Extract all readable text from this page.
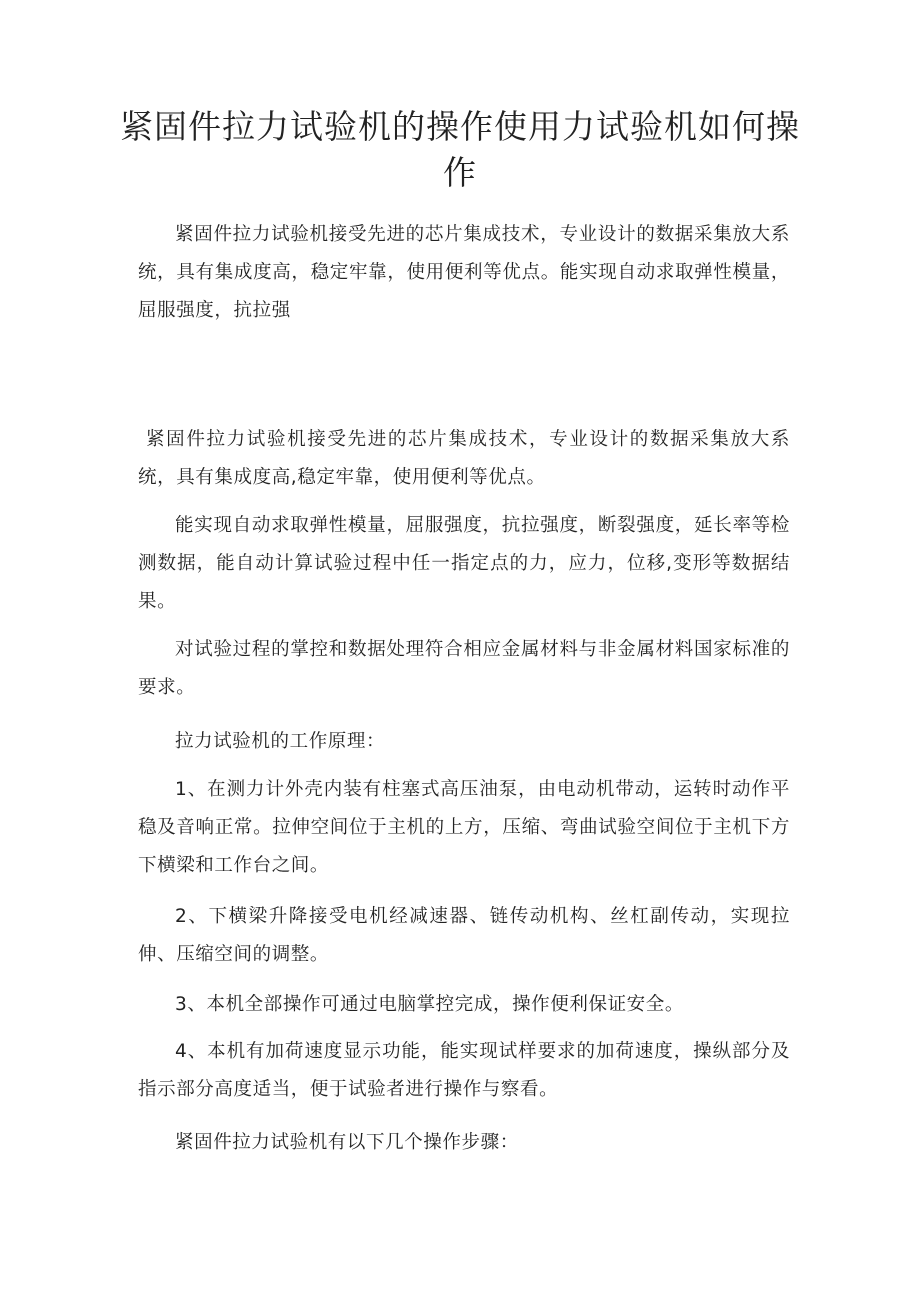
紧固件拉力试验机的操作使用力试验机如何操作

紧固件拉力试验机接受先进的芯片集成技术，专业设计的数据采集放大系统，具有集成度高，稳定牢靠，使用便利等优点。能实现自动求取弹性模量，屈服强度，抗拉强

紧固件拉力试验机接受先进的芯片集成技术，专业设计的数据采集放大系统，具有集成度高,稳定牢靠，使用便利等优点。

能实现自动求取弹性模量，屈服强度，抗拉强度，断裂强度，延长率等检测数据，能自动计算试验过程中任一指定点的力，应力，位移,变形等数据结果。

对试验过程的掌控和数据处理符合相应金属材料与非金属材料国家标准的要求。

拉力试验机的工作原理：

1、在测力计外壳内装有柱塞式高压油泵，由电动机带动，运转时动作平稳及音响正常。拉伸空间位于主机的上方，压缩、弯曲试验空间位于主机下方下横梁和工作台之间。

2、下横梁升降接受电机经减速器、链传动机构、丝杠副传动，实现拉伸、压缩空间的调整。

3、本机全部操作可通过电脑掌控完成，操作便利保证安全。

4、本机有加荷速度显示功能，能实现试样要求的加荷速度，操纵部分及指示部分高度适当，便于试验者进行操作与察看。

紧固件拉力试验机有以下几个操作步骤：
